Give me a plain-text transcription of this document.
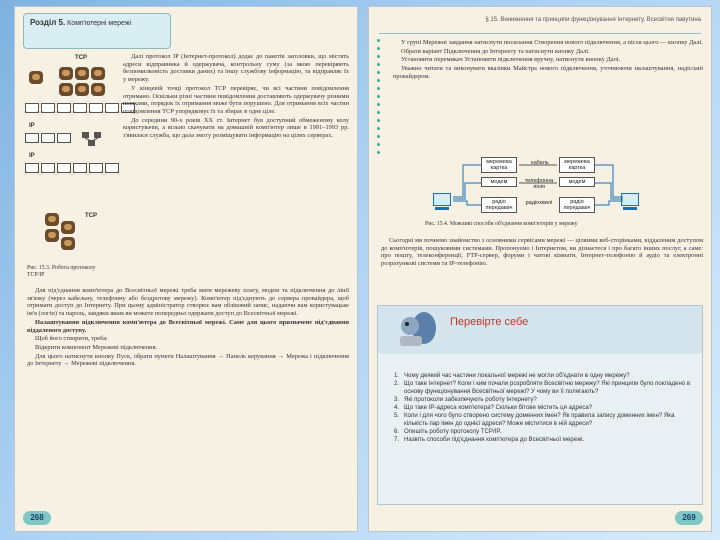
Розділ 5. Комп'ютерні мережі
TCP
IP
IP
TCP
Рис. 15.3. Робота протоколу TCP/IP

Далі протокол IP (Інтернет-протокол) додає до пакетів заголовки, що містять адреси відправника й одержувача, контрольну суму (за якою перевіряють безпомилковість доставки даних) та іншу службову інформацію, та відправляє їх у мережу.

У кінцевій точці протокол TCP перевіряє, чи всі частини повідомлення отримано. Оскільки різні частини повідомлення доставляють одержувачу різними шляхами, порядок їх отримання може бути порушено. Для отримання всіх частин повідомлення TCP упорядковує їх та збирає в одне ціле.

До середини 90-х років XX ст. Інтернет був доступний обмеженому колу користувачів, а вільно скачувати на домашній комп'ютер лише в 1991–1993 рр. з'явилася служба, що дала змогу розміщувати інформацію на цілих серверах.

Для під'єднання комп'ютера до Всесвітньої мережі треба мати мережеву плату, модем та підключення до лінії зв'язку (через кабельну, телефонну або бездротову мережу). Комп'ютер під'єднують до сервера провайдера, щоб отримати доступ до Інтернету. При цьому адміністратор створює вам обліковий запис, надаючи вам користувацьке ім'я (логін) та пароль, завдяки яким ви можете попередньо одержати доступ до Всесвітньої мережі.

Налаштування підключення комп'ютера до Всесвітньої мережі. Саме для цього призначене під'єднання віддаленого доступу.

Щоб його створити, треба:

Відкрити компонент Мережеві підключення.

Для цього натиснути кнопку Пуск, обрати пункти Налаштування → Панель керування → Мережа і підключення до Інтернету → Мережеві підключення.

268
§ 15. Виникнення та принципи функціонування Інтернету. Всесвітня павутина

У групі Мережні завдання натиснути посилання Створення нового підключення, а після цього — кнопку Далі.

Обрати варіант Підключення до Інтернету та натиснути кнопку Далі.

Установити перемикач Установити підключення вручну, натиснути кнопку Далі.

Уважно читати та виконувати вказівки Майстра нового підключення, уточнюючи налаштування, надіслані провайдером.

мережева картка
кабель	мережева картка
модем	телефонна лінія
модем
радіо передавач
радіохвилі	радіо передавач
Рис. 15.4. Можливі способи об'єднання комп'ютерів у мережу

Сьогодні ми почнемо знайомство з основними сервісами мережі — цілкими веб-сторінками, віддаленим доступом до комп'ютерів, пошуковими системами. Пропонуємо і Інтернетом, ви дізнаєтеся і про багато інших послуг, а саме: про пошту, телеконференції, FTP-сервер, форуми і чатові кімнати, Інтернет-телефонію й аудіо та електронні розрахункові системи та ІР-телефонію.

Перевірте себе
1. Чому деякий час частини локальної мережі не могли об'єднати в одну мережу?
2. Що таке Інтернет? Коли і ким почали розробляти Всесвітню мережу? Які принципи було покладено в основу функціонування Всесвітньої мережі? У чому ви її полягають?
3. Які протоколи забезпечують роботу Інтернету?
4. Що таке ІР-адреса комп'ютера? Скільки бітове містить ця адреса?
5. Коли і для чого було створено систему доменних імен? Як правила запису доменних імен? Яка кількість пар імен до однієї адреси? Може міститися в ній адреси?
6. Опишіть роботу протоколу TCP/IP.
7. Назвіть способи під'єднання комп'ютера до Всесвітньої мережі.
269
